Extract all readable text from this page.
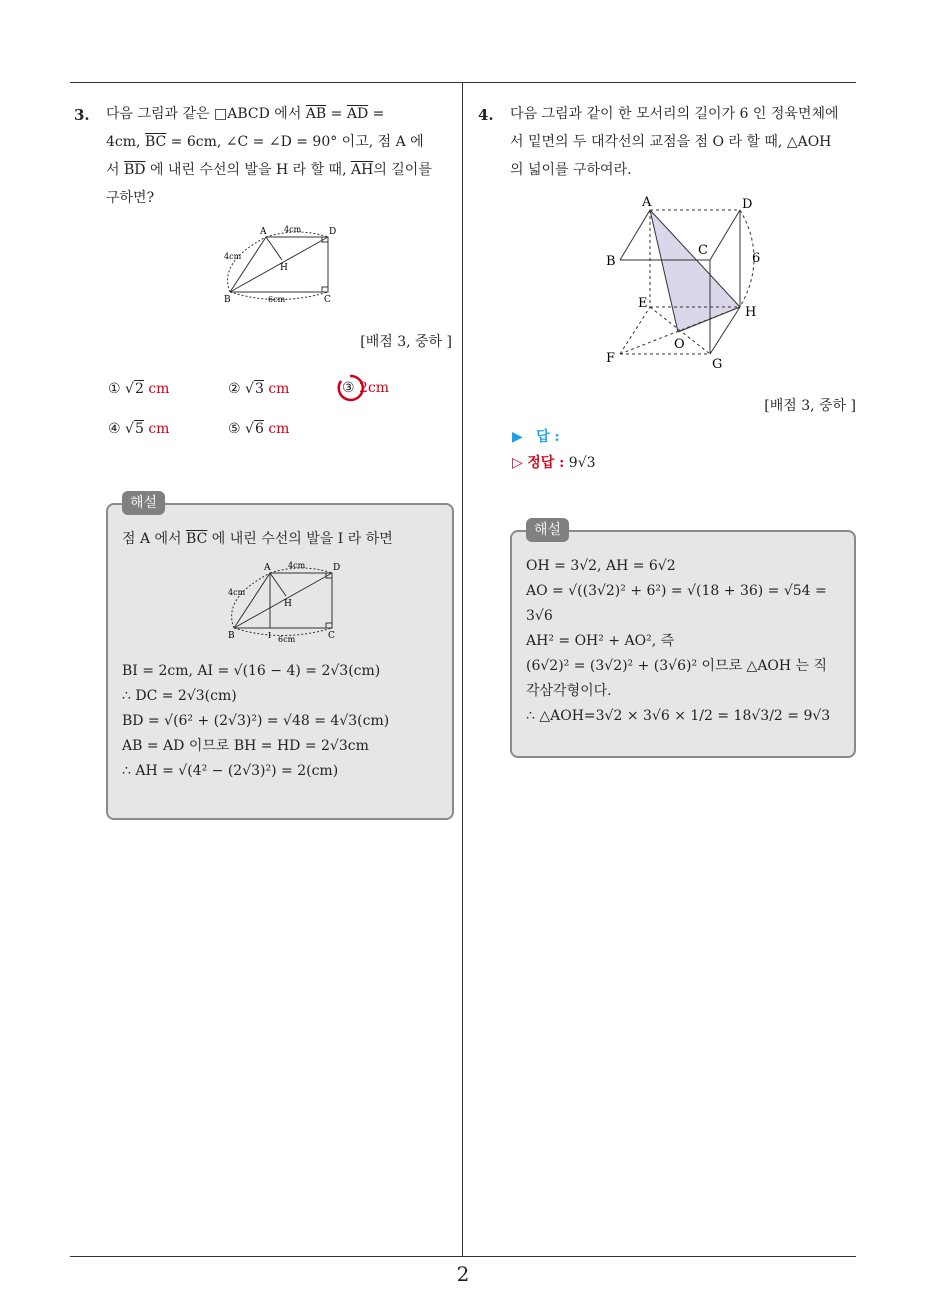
3. 다음 그림과 같은 □ABCD 에서 $\overline{AB} = \overline{AD}$ =
4cm, $\overline{BC} = 6cm$, ∠C = ∠D = 90° 이고, 점 A 에
서 $\overline{BD}$ 에 내린 수선의 발을 H 라 할 때, $\overline{AH}$의 길이를
구하면?
A	D
B	C
H
4cm
4cm
6cm
[배점 3, 중하 ]
① √2 cm	② √3 cm	③ 2cm
④ √5 cm	⑤ √6 cm
해설
점 A 에서 $\overline{BC}$ 에 내린 수선의 발을 I 라 하면
A	D
B	C
H
I
4cm
4cm
6cm
BI = 2cm, AI = √(16 − 4) = 2√3(cm)
∴ DC = 2√3(cm)
BD = √(6² + (2√3)²) = √48 = 4√3(cm)
AB = AD 이므로 BH = HD = 2√3cm
∴ AH = √(4² − (2√3)²) = 2(cm)
4. 다음 그림과 같이 한 모서리의 길이가 6 인 정육면체에
서 밑면의 두 대각선의 교점을 점 O 라 할 때, △AOH
의 넓이를 구하여라.
A	D
B
C
E
F	G
H
O
6
[배점 3, 중하 ]
▶ 답 :
▷ 정답 : 9√3
해설
OH = 3√2, AH = 6√2
AO = √((3√2)² + 6²) = √(18 + 36) = √54 =
3√6
AH² = OH² + AO², 즉
(6√2)² = (3√2)² + (3√6)² 이므로 △AOH 는 직
각삼각형이다.
∴ △AOH=3√2 × 3√6 × 1/2 = 18√3/2 = 9√3
2
